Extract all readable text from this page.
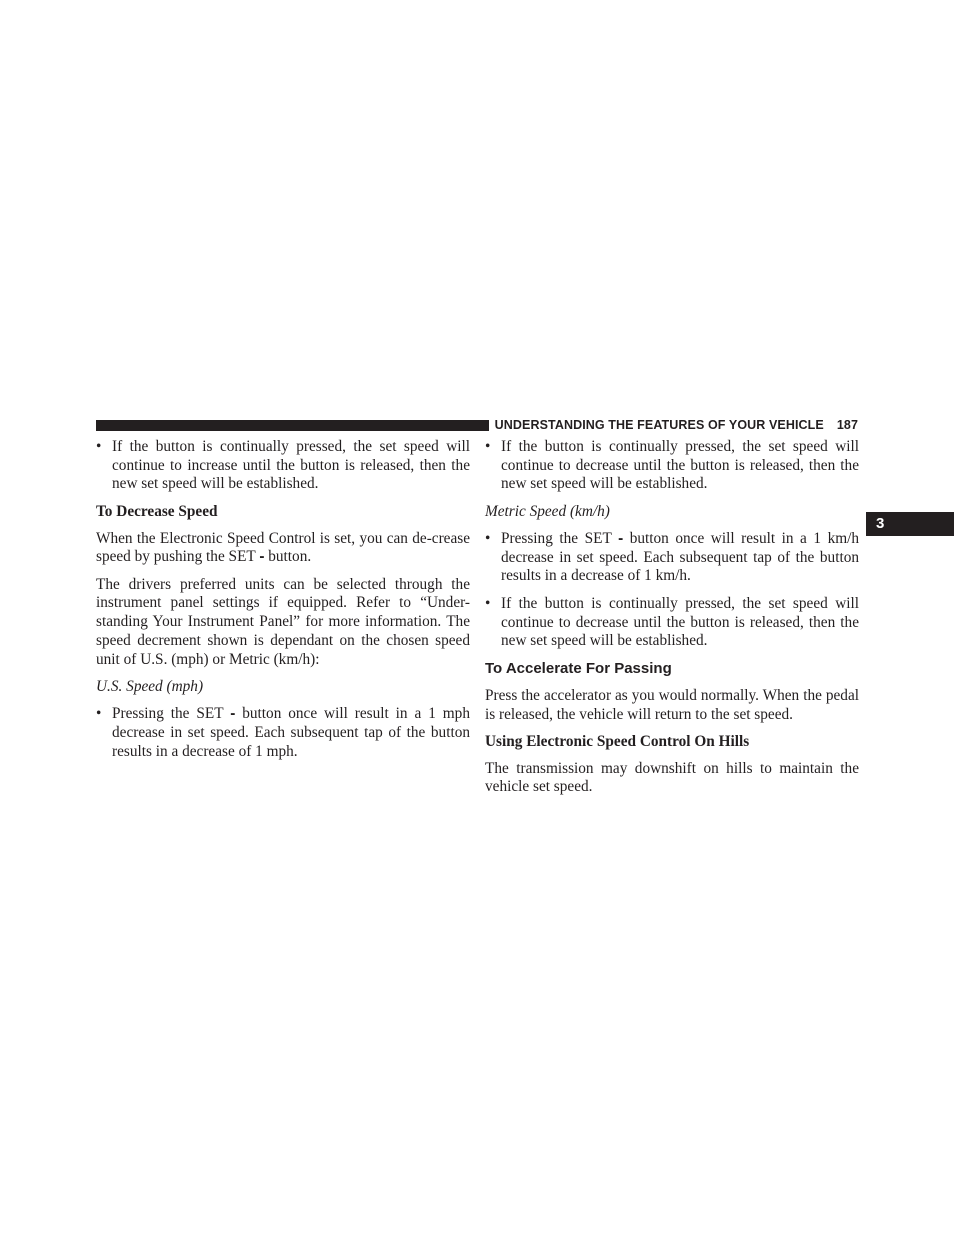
UNDERSTANDING THE FEATURES OF YOUR VEHICLE 187
3
• If the button is continually pressed, the set speed will continue to increase until the button is released, then the new set speed will be established.
To Decrease Speed

When the Electronic Speed Control is set, you can de-crease speed by pushing the SET - button.

The drivers preferred units can be selected through the instrument panel settings if equipped. Refer to “Under-standing Your Instrument Panel” for more information. The speed decrement shown is dependant on the chosen speed unit of U.S. (mph) or Metric (km/h):

U.S. Speed (mph)
• Pressing the SET - button once will result in a 1 mph decrease in set speed. Each subsequent tap of the button results in a decrease of 1 mph.
• If the button is continually pressed, the set speed will continue to decrease until the button is released, then the new set speed will be established.
Metric Speed (km/h)
• Pressing the SET - button once will result in a 1 km/h decrease in set speed. Each subsequent tap of the button results in a decrease of 1 km/h.
• If the button is continually pressed, the set speed will continue to decrease until the button is released, then the new set speed will be established.
To Accelerate For Passing

Press the accelerator as you would normally. When the pedal is released, the vehicle will return to the set speed.

Using Electronic Speed Control On Hills

The transmission may downshift on hills to maintain the vehicle set speed.
